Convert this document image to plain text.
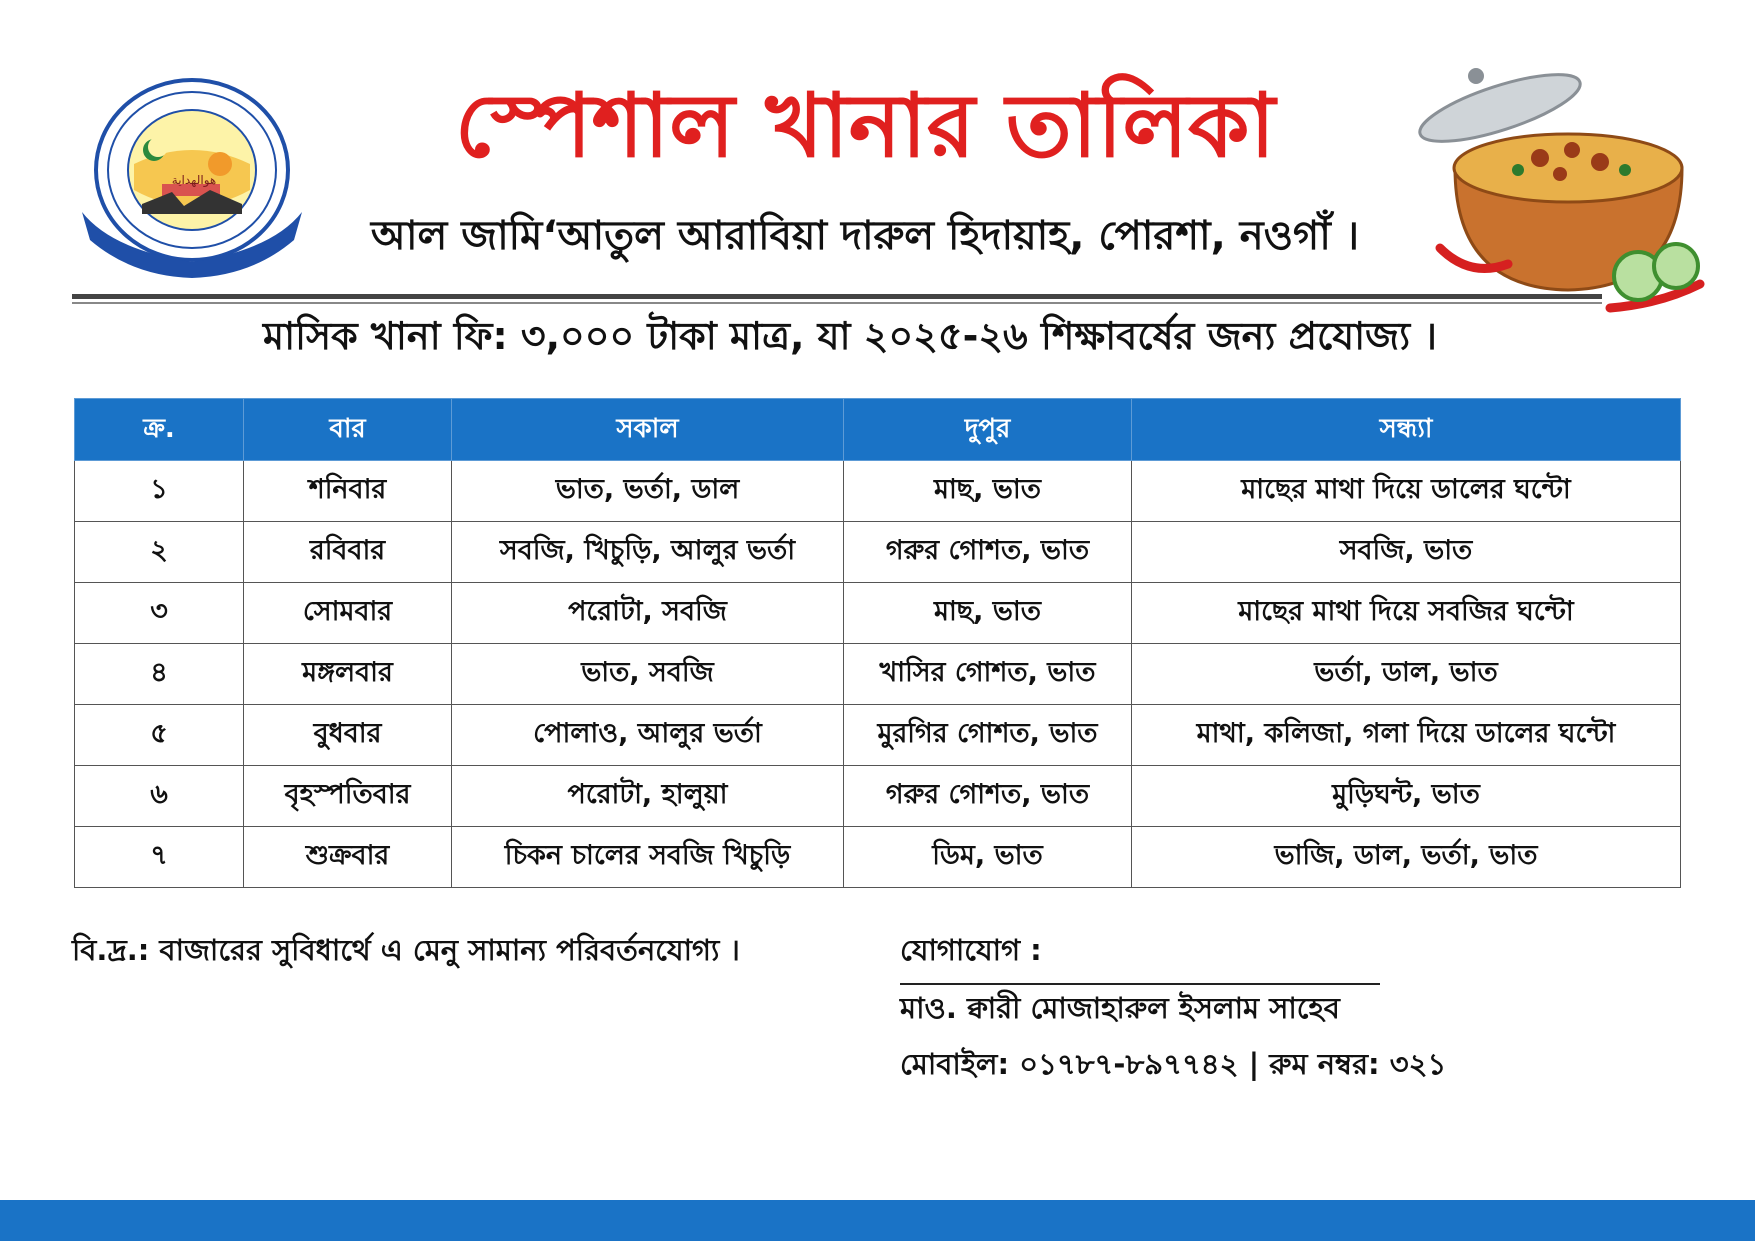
هوالهداية
স্পেশাল খানার তালিকা
আল জামি‘আতুল আরাবিয়া দারুল হিদায়াহ, পোরশা, নওগাঁ ।
মাসিক খানা ফি: ৩,০০০ টাকা মাত্র, যা ২০২৫-২৬ শিক্ষাবর্ষের জন্য প্রযোজ্য ।
ক্র.	বার	সকাল	দুপুর	সন্ধ্যা
১	শনিবার	ভাত, ভর্তা, ডাল	মাছ, ভাত	মাছের মাথা দিয়ে ডালের ঘন্টো
২	রবিবার	সবজি, খিচুড়ি, আলুর ভর্তা	গরুর গোশত, ভাত	সবজি, ভাত
৩	সোমবার	পরোটা, সবজি	মাছ, ভাত	মাছের মাথা দিয়ে সবজির ঘন্টো
৪	মঙ্গলবার	ভাত, সবজি	খাসির গোশত, ভাত	ভর্তা, ডাল, ভাত
৫	বুধবার	পোলাও, আলুর ভর্তা	মুরগির গোশত, ভাত	মাথা, কলিজা, গলা দিয়ে ডালের ঘন্টো
৬	বৃহস্পতিবার	পরোটা, হালুয়া	গরুর গোশত, ভাত	মুড়িঘন্ট, ভাত
৭	শুক্রবার	চিকন চালের সবজি খিচুড়ি	ডিম, ভাত	ভাজি, ডাল, ভর্তা, ভাত
বি.দ্র.: বাজারের সুবিধার্থে এ মেনু সামান্য পরিবর্তনযোগ্য ।	যোগাযোগ :
মাও. ক্বারী মোজাহারুল ইসলাম সাহেব
মোবাইল: ০১৭৮৭-৮৯৭৭৪২ | রুম নম্বর: ৩২১
